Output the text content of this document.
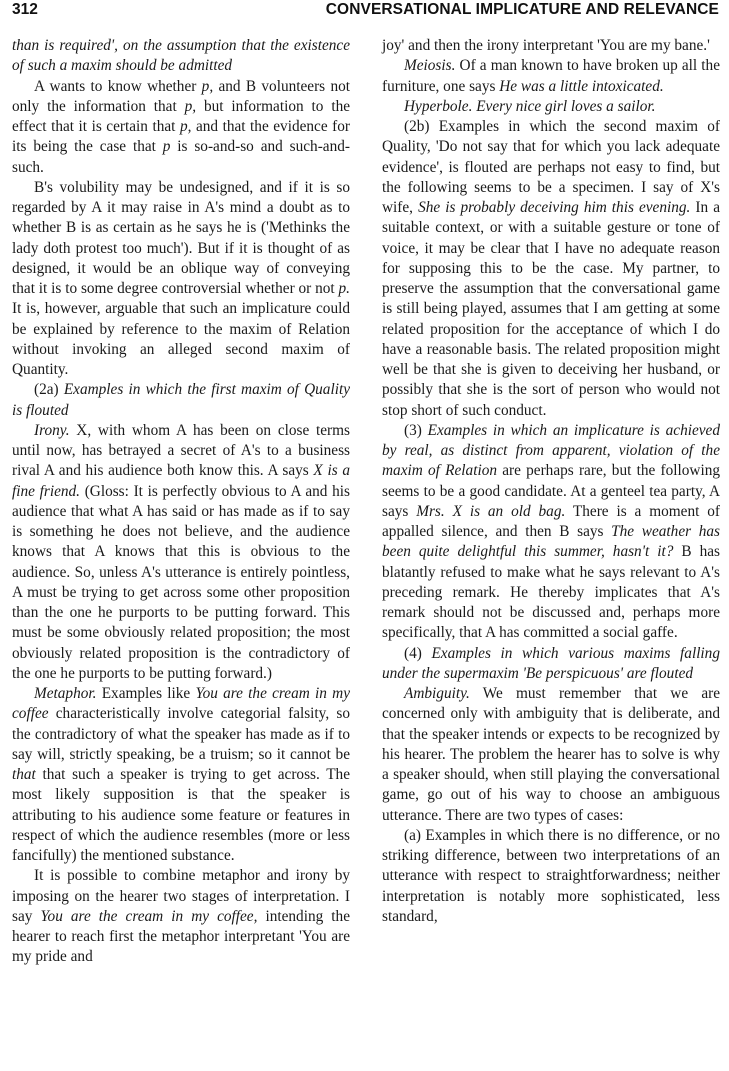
312	CONVERSATIONAL IMPLICATURE AND RELEVANCE

than is required', on the assumption that the existence of such a maxim should be admitted

A wants to know whether p, and B volunteers not only the information that p, but information to the effect that it is certain that p, and that the evidence for its being the case that p is so-and-so and such-and-such.

B's volubility may be undesigned, and if it is so regarded by A it may raise in A's mind a doubt as to whether B is as certain as he says he is ('Methinks the lady doth protest too much'). But if it is thought of as designed, it would be an oblique way of conveying that it is to some degree controversial whether or not p. It is, however, arguable that such an implicature could be explained by reference to the maxim of Relation without invoking an alleged second maxim of Quantity.

(2a) Examples in which the first maxim of Quality is flouted

Irony. X, with whom A has been on close terms until now, has betrayed a secret of A's to a business rival A and his audience both know this. A says X is a fine friend. (Gloss: It is perfectly obvious to A and his audience that what A has said or has made as if to say is something he does not believe, and the audience knows that A knows that this is obvious to the audience. So, unless A's utterance is entirely pointless, A must be trying to get across some other proposition than the one he purports to be putting forward. This must be some obviously related proposition; the most obviously related proposition is the contradictory of the one he purports to be putting forward.)

Metaphor. Examples like You are the cream in my coffee characteristically involve categorial falsity, so the contradictory of what the speaker has made as if to say will, strictly speaking, be a truism; so it cannot be that that such a speaker is trying to get across. The most likely supposition is that the speaker is attributing to his audience some feature or features in respect of which the audience resembles (more or less fancifully) the mentioned substance.

It is possible to combine metaphor and irony by imposing on the hearer two stages of interpretation. I say You are the cream in my coffee, intending the hearer to reach first the metaphor interpretant 'You are my pride and

joy' and then the irony interpretant 'You are my bane.'

Meiosis. Of a man known to have broken up all the furniture, one says He was a little intoxicated.

Hyperbole. Every nice girl loves a sailor.

(2b) Examples in which the second maxim of Quality, 'Do not say that for which you lack adequate evidence', is flouted are perhaps not easy to find, but the following seems to be a specimen. I say of X's wife, She is probably deceiving him this evening. In a suitable context, or with a suitable gesture or tone of voice, it may be clear that I have no adequate reason for supposing this to be the case. My partner, to preserve the assumption that the conversational game is still being played, assumes that I am getting at some related proposition for the acceptance of which I do have a reasonable basis. The related proposition might well be that she is given to deceiving her husband, or possibly that she is the sort of person who would not stop short of such conduct.

(3) Examples in which an implicature is achieved by real, as distinct from apparent, violation of the maxim of Relation are perhaps rare, but the following seems to be a good candidate. At a genteel tea party, A says Mrs. X is an old bag. There is a moment of appalled silence, and then B says The weather has been quite delightful this summer, hasn't it? B has blatantly refused to make what he says relevant to A's preceding remark. He thereby implicates that A's remark should not be discussed and, perhaps more specifically, that A has committed a social gaffe.

(4) Examples in which various maxims falling under the supermaxim 'Be perspicuous' are flouted

Ambiguity. We must remember that we are concerned only with ambiguity that is deliberate, and that the speaker intends or expects to be recognized by his hearer. The problem the hearer has to solve is why a speaker should, when still playing the conversational game, go out of his way to choose an ambiguous utterance. There are two types of cases:

(a) Examples in which there is no difference, or no striking difference, between two interpretations of an utterance with respect to straightforwardness; neither interpretation is notably more sophisticated, less standard,
